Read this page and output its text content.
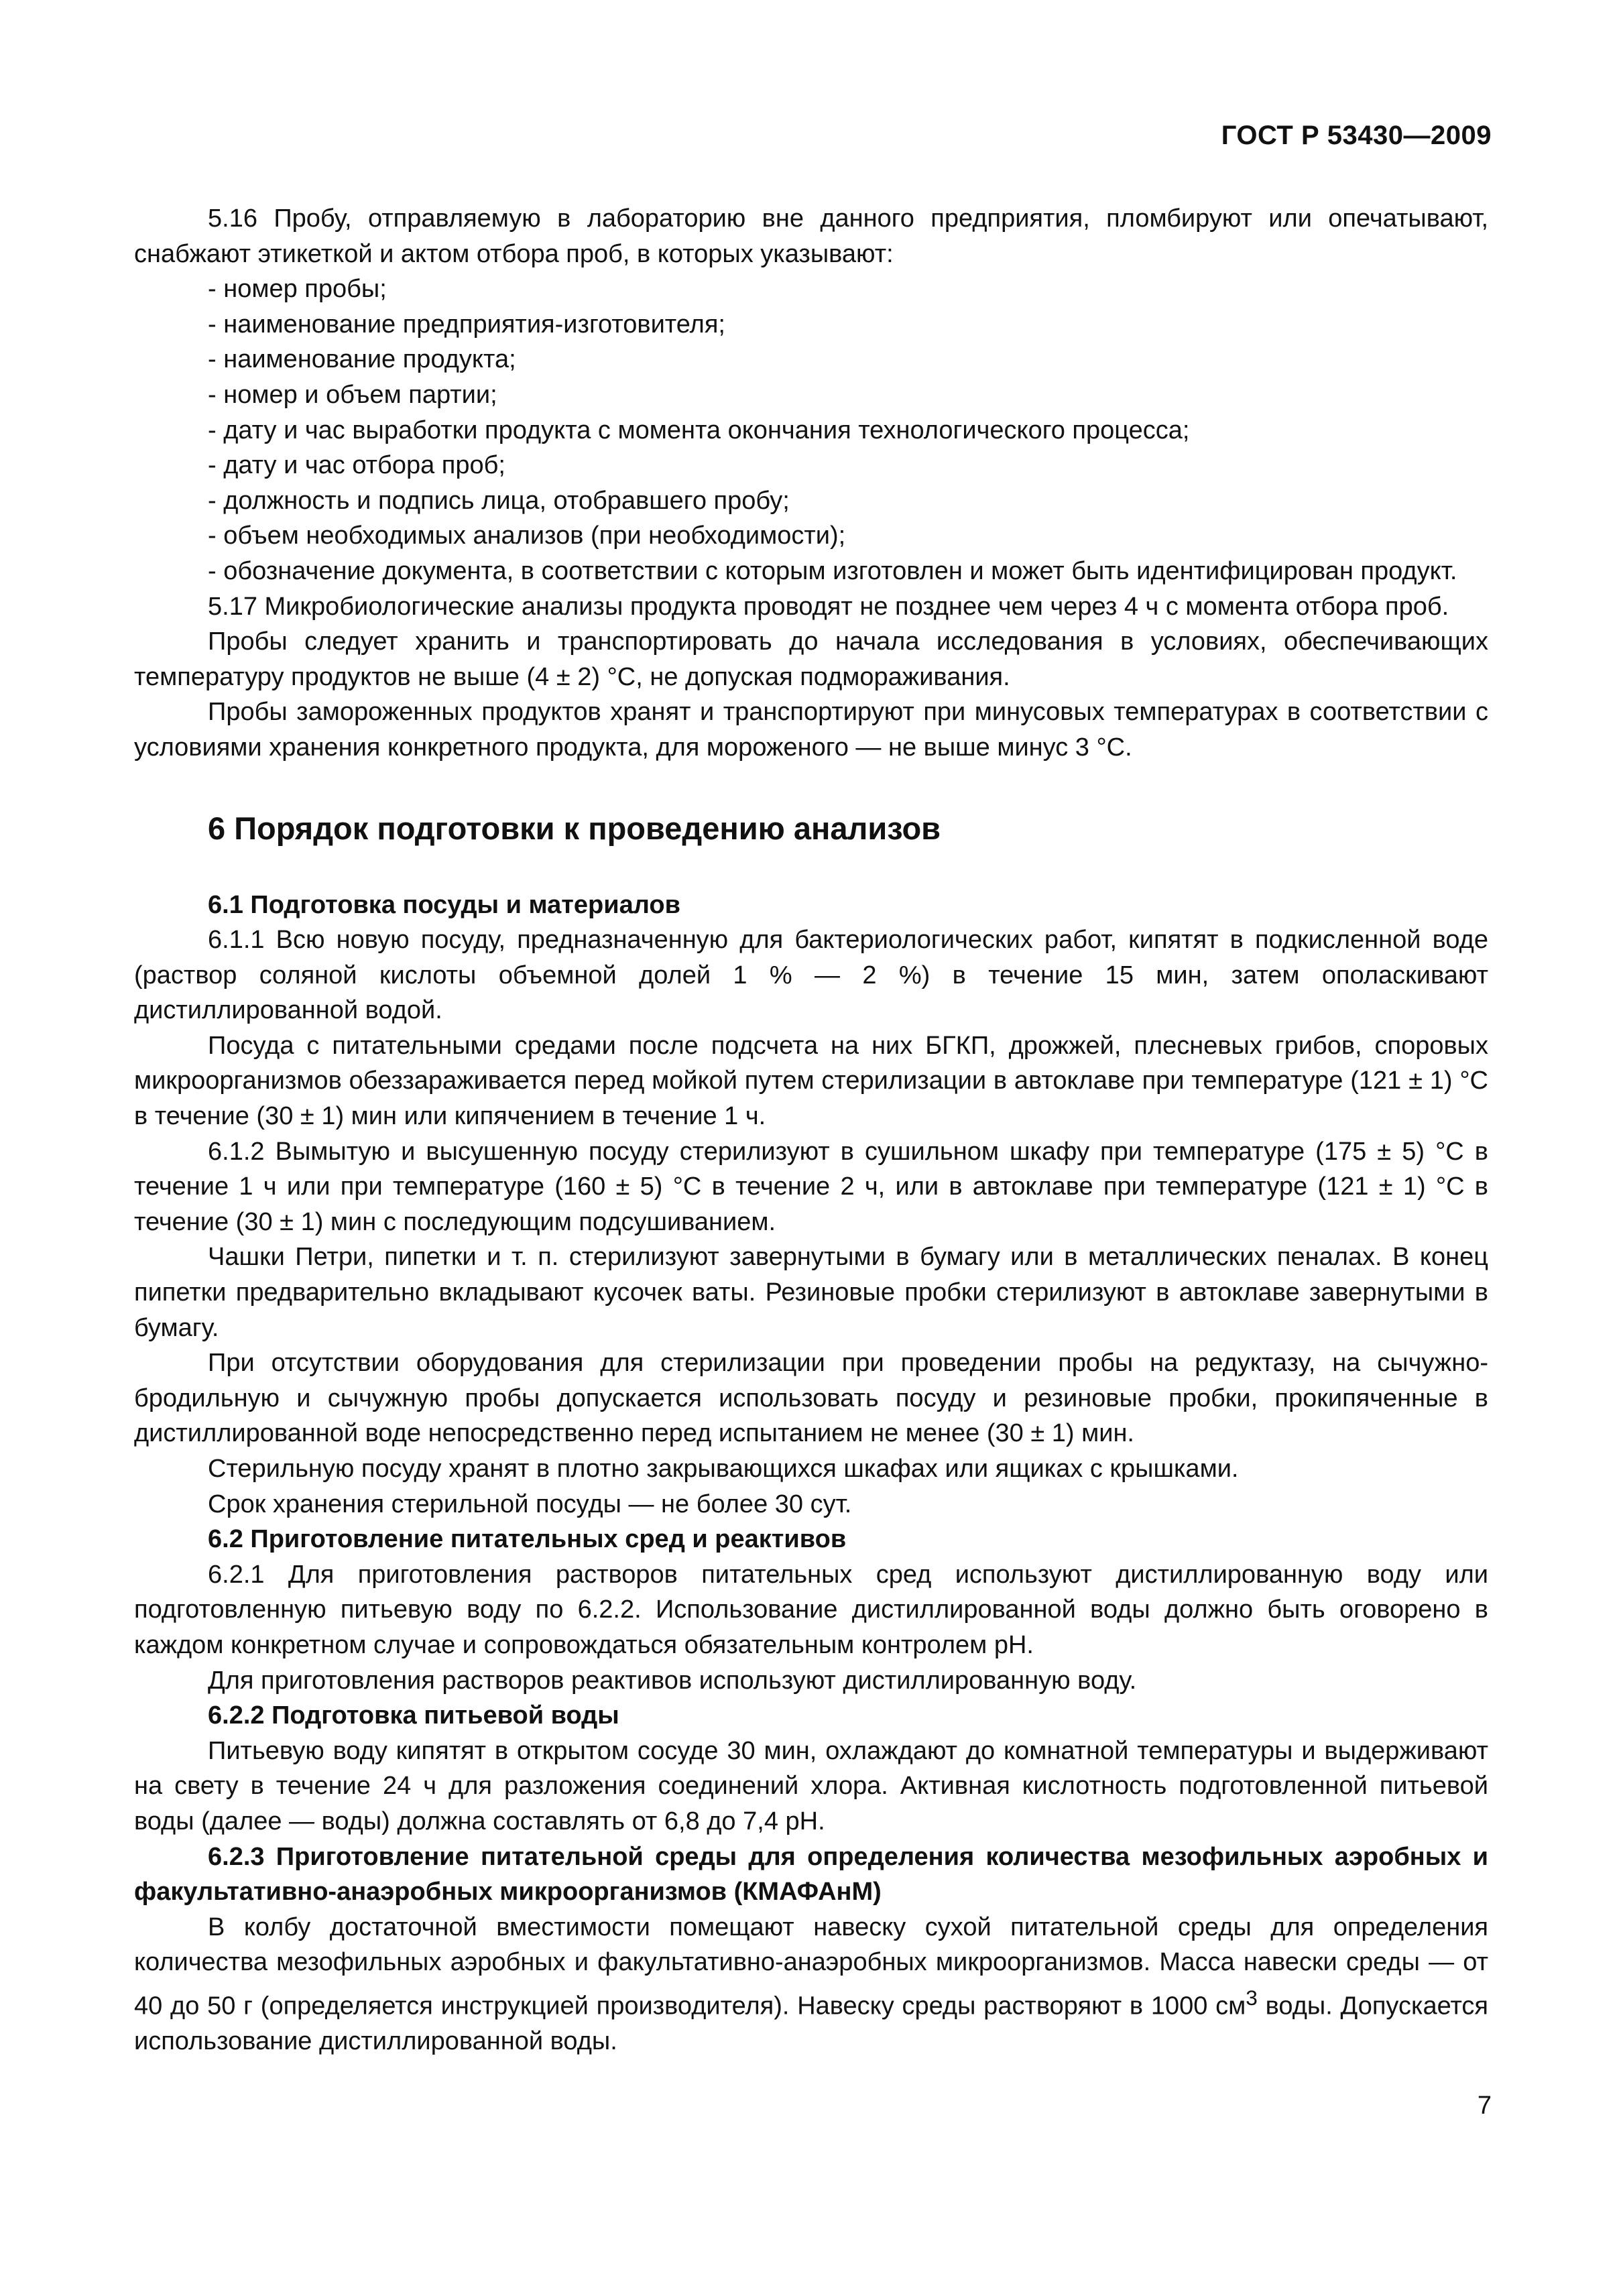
ГОСТ Р 53430—2009

5.16 Пробу, отправляемую в лабораторию вне данного предприятия, пломбируют или опечатывают, снабжают этикеткой и актом отбора проб, в которых указывают:

- номер пробы;

- наименование предприятия-изготовителя;

- наименование продукта;

- номер и объем партии;

- дату и час выработки продукта с момента окончания технологического процесса;

- дату и час отбора проб;

- должность и подпись лица, отобравшего пробу;

- объем необходимых анализов (при необходимости);

- обозначение документа, в соответствии с которым изготовлен и может быть идентифицирован продукт.

5.17 Микробиологические анализы продукта проводят не позднее чем через 4 ч с момента отбора проб.

Пробы следует хранить и транспортировать до начала исследования в условиях, обеспечивающих температуру продуктов не выше (4 ± 2) °С, не допуская подмораживания.

Пробы замороженных продуктов хранят и транспортируют при минусовых температурах в соответствии с условиями хранения конкретного продукта, для мороженого — не выше минус 3 °С.

6 Порядок подготовки к проведению анализов
6.1 Подготовка посуды и материалов

6.1.1 Всю новую посуду, предназначенную для бактериологических работ, кипятят в подкисленной воде (раствор соляной кислоты объемной долей 1 % — 2 %) в течение 15 мин, затем ополаскивают дистиллированной водой.

Посуда с питательными средами после подсчета на них БГКП, дрожжей, плесневых грибов, споровых микроорганизмов обеззараживается перед мойкой путем стерилизации в автоклаве при температуре (121 ± 1) °С в течение (30 ± 1) мин или кипячением в течение 1 ч.

6.1.2 Вымытую и высушенную посуду стерилизуют в сушильном шкафу при температуре (175 ± 5) °С в течение 1 ч или при температуре (160 ± 5) °С в течение 2 ч, или в автоклаве при температуре (121 ± 1) °С в течение (30 ± 1) мин с последующим подсушиванием.

Чашки Петри, пипетки и т. п. стерилизуют завернутыми в бумагу или в металлических пеналах. В конец пипетки предварительно вкладывают кусочек ваты. Резиновые пробки стерилизуют в автоклаве завернутыми в бумагу.

При отсутствии оборудования для стерилизации при проведении пробы на редуктазу, на сычужно-бродильную и сычужную пробы допускается использовать посуду и резиновые пробки, прокипяченные в дистиллированной воде непосредственно перед испытанием не менее (30 ± 1) мин.

Стерильную посуду хранят в плотно закрывающихся шкафах или ящиках с крышками.

Срок хранения стерильной посуды — не более 30 сут.

6.2 Приготовление питательных сред и реактивов

6.2.1 Для приготовления растворов питательных сред используют дистиллированную воду или подготовленную питьевую воду по 6.2.2. Использование дистиллированной воды должно быть оговорено в каждом конкретном случае и сопровождаться обязательным контролем рН.

Для приготовления растворов реактивов используют дистиллированную воду.

6.2.2 Подготовка питьевой воды

Питьевую воду кипятят в открытом сосуде 30 мин, охлаждают до комнатной температуры и выдерживают на свету в течение 24 ч для разложения соединений хлора. Активная кислотность подготовленной питьевой воды (далее — воды) должна составлять от 6,8 до 7,4 рН.

6.2.3 Приготовление питательной среды для определения количества мезофильных аэробных и факультативно-анаэробных микроорганизмов (КМАФАнМ)

В колбу достаточной вместимости помещают навеску сухой питательной среды для определения количества мезофильных аэробных и факультативно-анаэробных микроорганизмов. Масса навески среды — от 40 до 50 г (определяется инструкцией производителя). Навеску среды растворяют в 1000 $см^3$ воды. Допускается использование дистиллированной воды.

7
